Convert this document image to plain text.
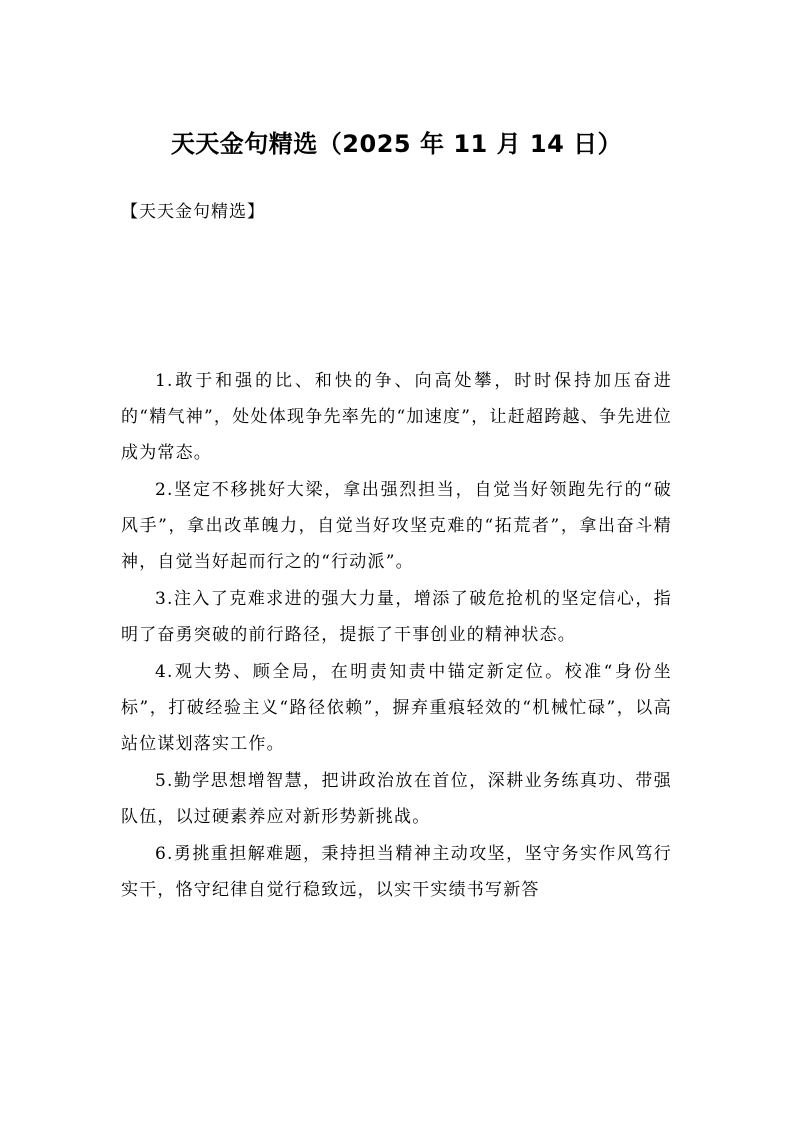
天天金句精选（2025 年 11 月 14 日）

【天天金句精选】

1.敢于和强的比、和快的争、向高处攀，时时保持加压奋进的“精气神”，处处体现争先率先的“加速度”，让赶超跨越、争先进位成为常态。

2.坚定不移挑好大梁，拿出强烈担当，自觉当好领跑先行的“破风手”，拿出改革魄力，自觉当好攻坚克难的“拓荒者”，拿出奋斗精神，自觉当好起而行之的“行动派”。

3.注入了克难求进的强大力量，增添了破危抢机的坚定信心，指明了奋勇突破的前行路径，提振了干事创业的精神状态。

4.观大势、顾全局，在明责知责中锚定新定位。校准“身份坐标”，打破经验主义“路径依赖”，摒弃重痕轻效的“机械忙碌”，以高站位谋划落实工作。

5.勤学思想增智慧，把讲政治放在首位，深耕业务练真功、带强队伍，以过硬素养应对新形势新挑战。

6.勇挑重担解难题，秉持担当精神主动攻坚，坚守务实作风笃行实干，恪守纪律自觉行稳致远，以实干实绩书写新答
